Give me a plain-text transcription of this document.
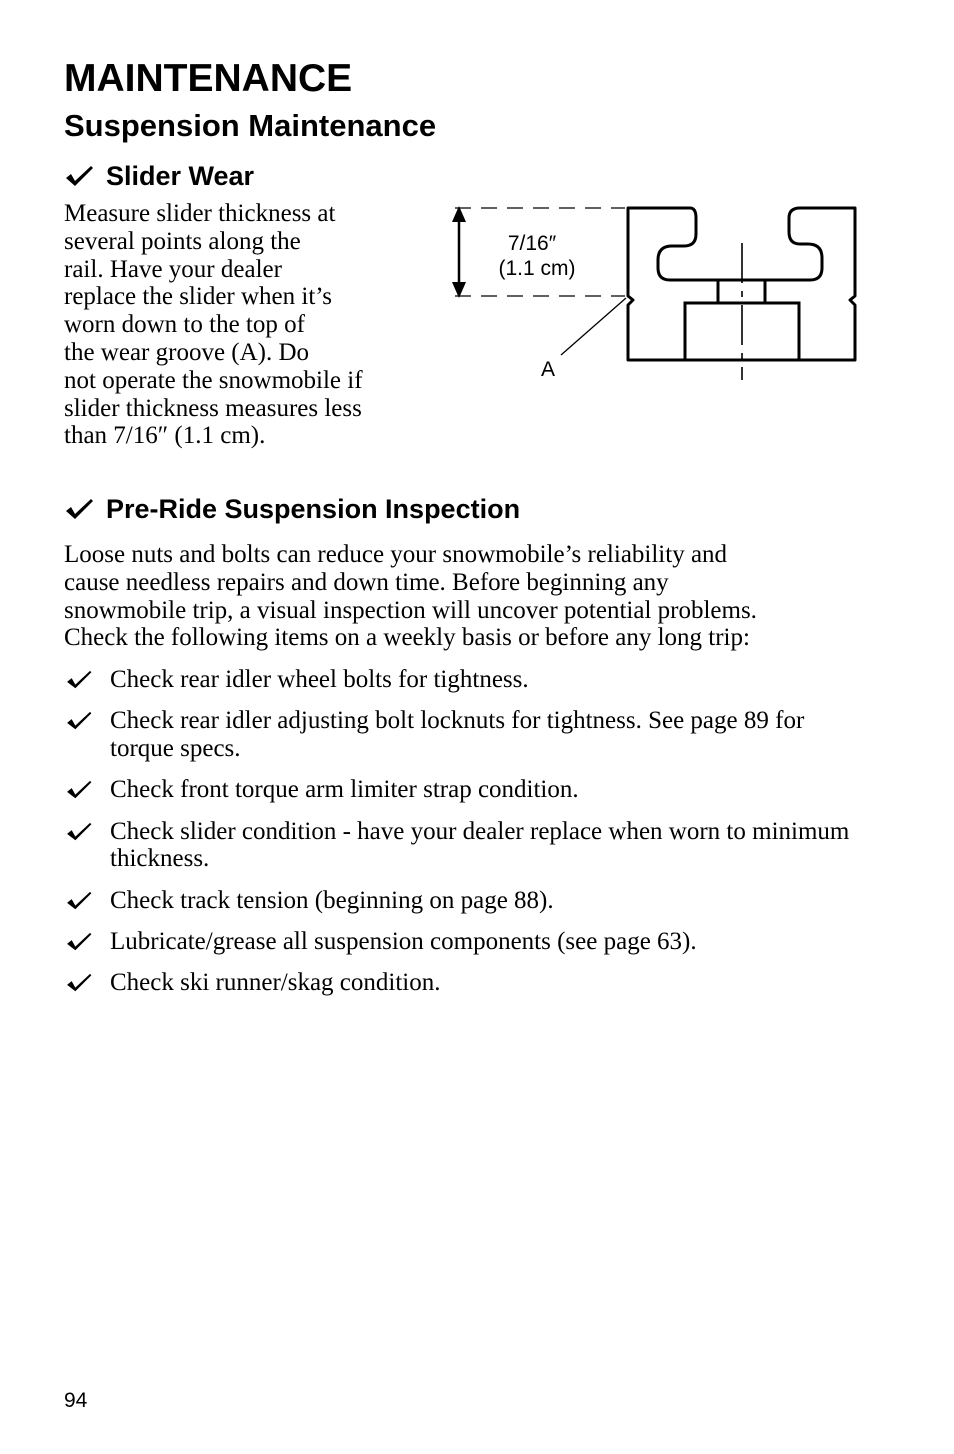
MAINTENANCE
Suspension Maintenance
Slider Wear

Measure slider thickness at
several points along the
rail. Have your dealer
replace the slider when it’s
worn down to the top of
the wear groove (A). Do
not operate the snowmobile if
slider thickness measures less
than 7/16″ (1.1 cm).

7/16″
(1.1 cm)
A
Pre-Ride Suspension Inspection

Loose nuts and bolts can reduce your snowmobile’s reliability and
cause needless repairs and down time. Before beginning any
snowmobile trip, a visual inspection will uncover potential problems.
Check the following items on a weekly basis or before any long trip:

Check rear idler wheel bolts for tightness.
Check rear idler adjusting bolt locknuts for tightness. See page 89 for torque specs.
Check front torque arm limiter strap condition.
Check slider condition - have your dealer replace when worn to minimum thickness.
Check track tension (beginning on page 88).
Lubricate/grease all suspension components (see page 63).
Check ski runner/skag condition.

94
